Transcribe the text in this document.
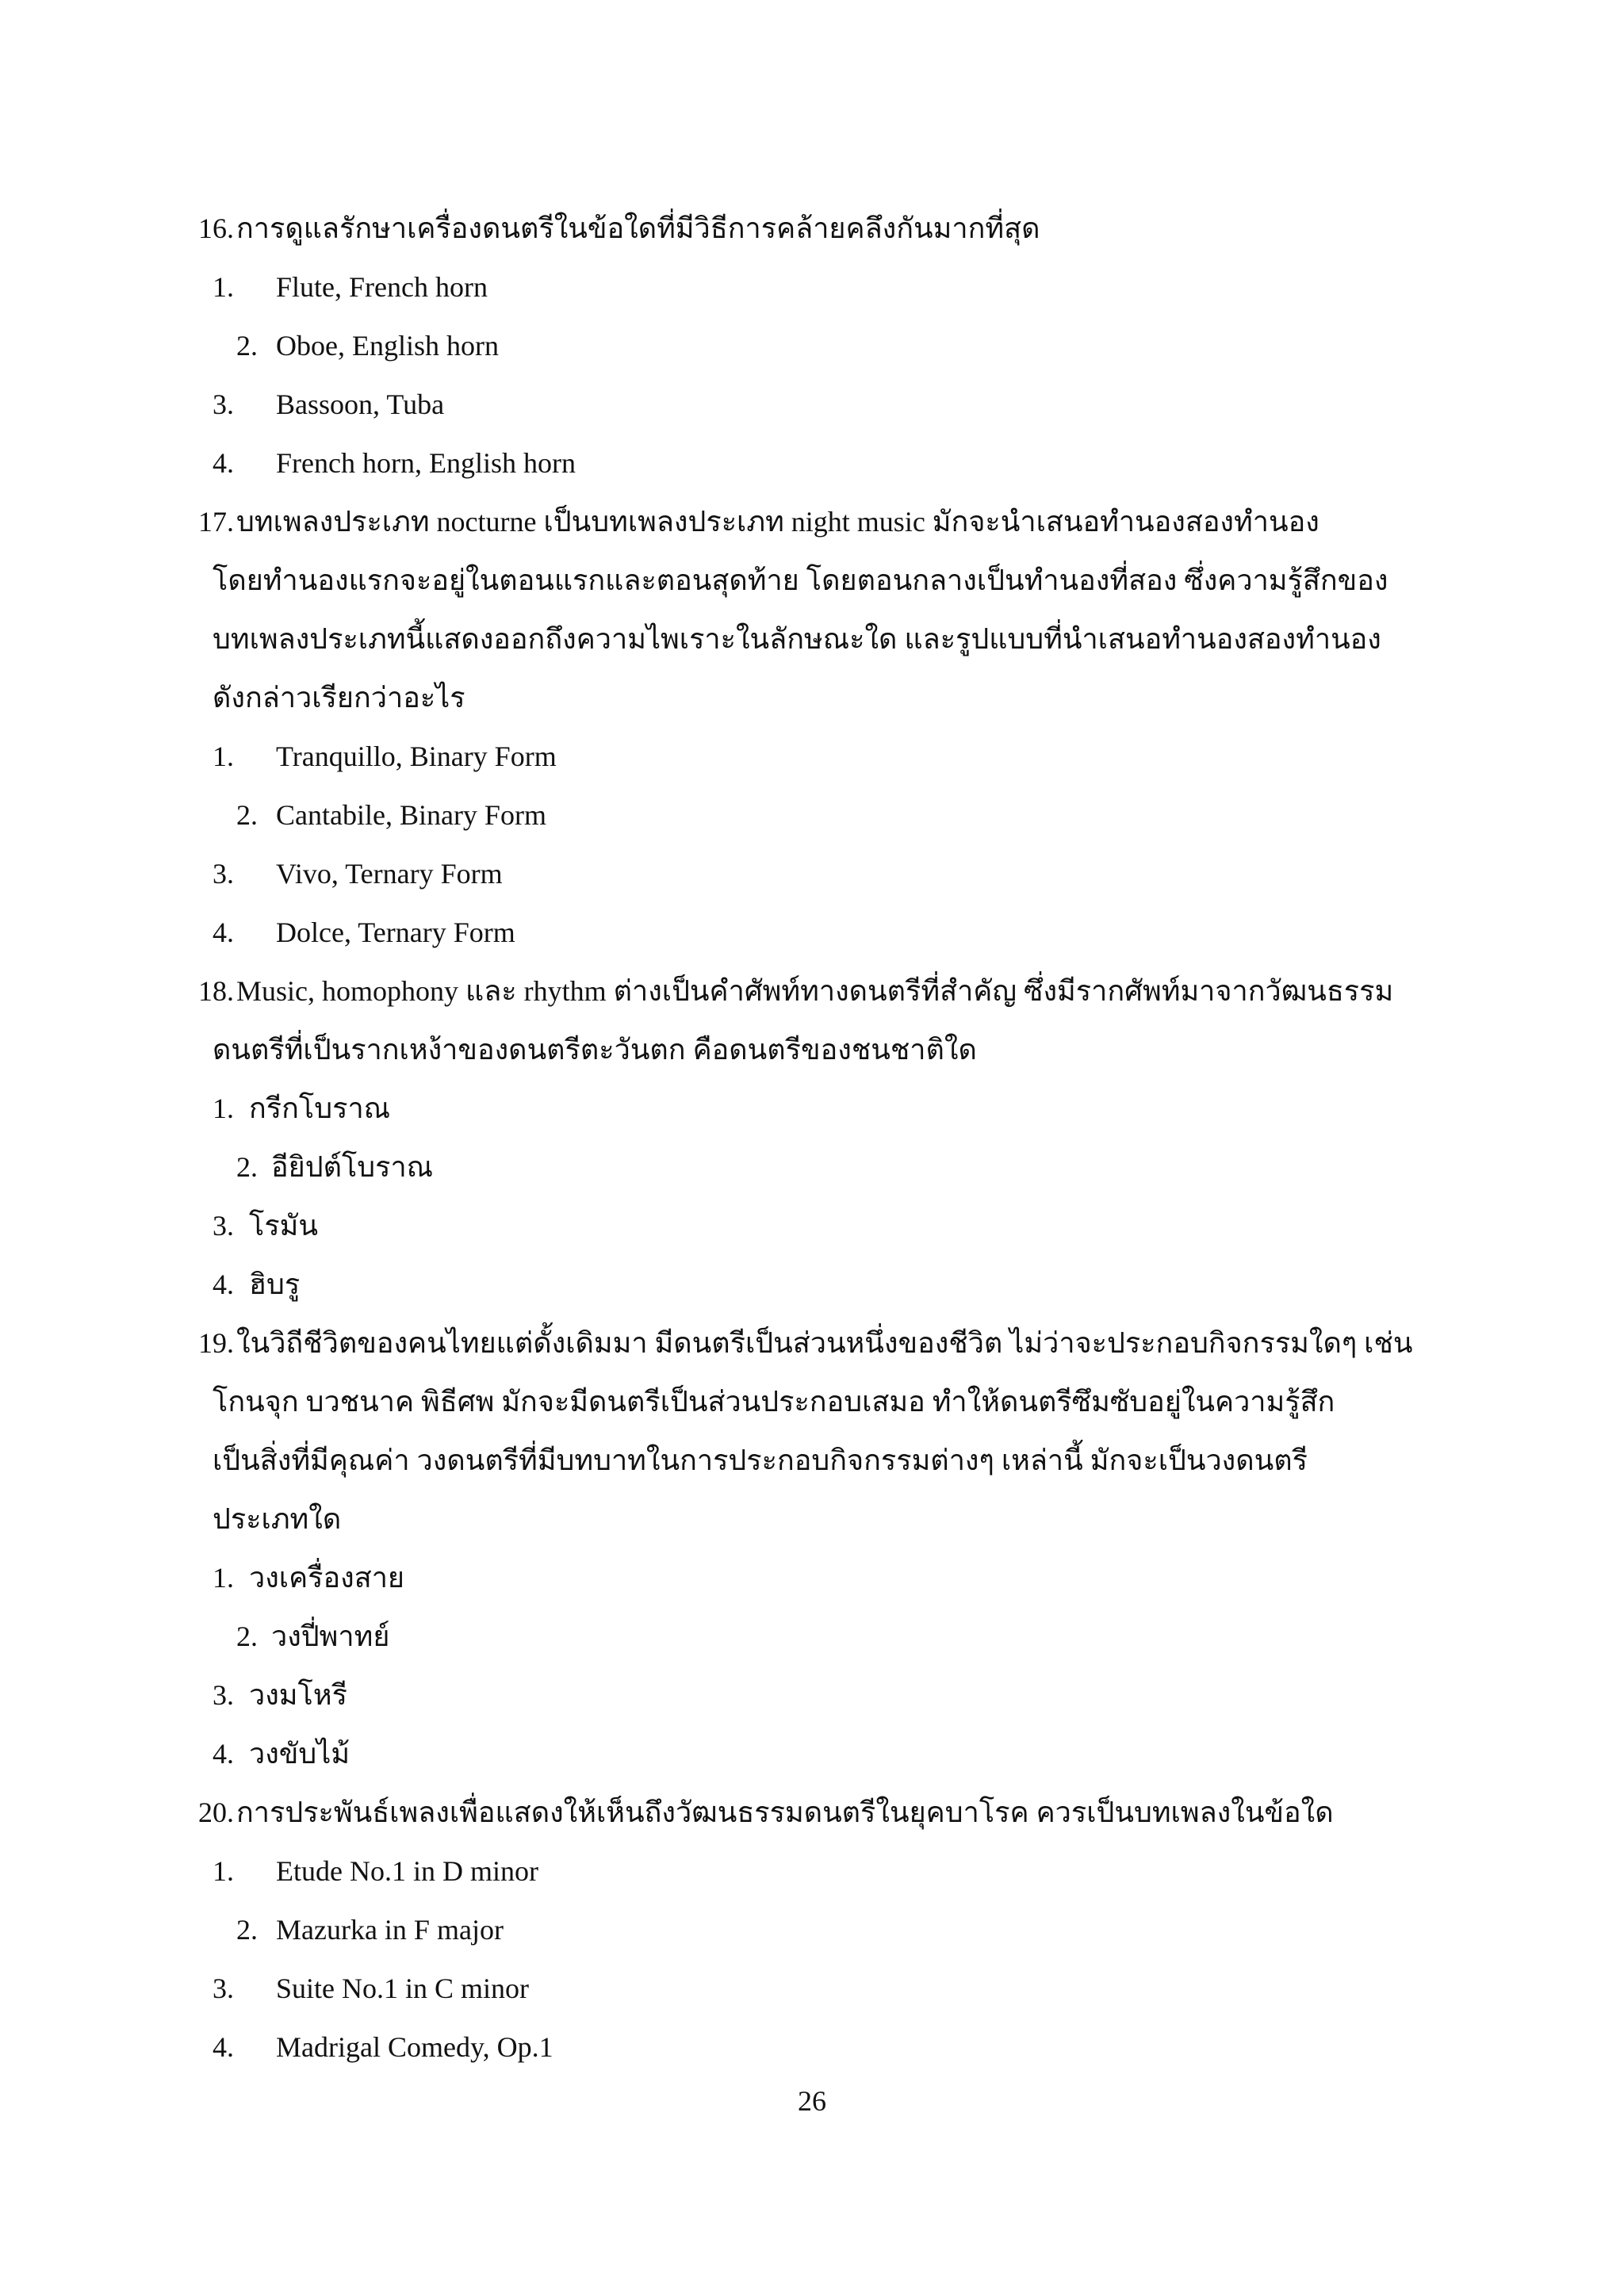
16. การดูแลรักษาเครื่องดนตรีในข้อใดที่มีวิธีการคล้ายคลึงกันมากที่สุด
1. Flute, French horn
2. Oboe, English horn
3. Bassoon, Tuba
4. French horn, English horn
17. บทเพลงประเภท nocturne เป็นบทเพลงประเภท night music มักจะนำเสนอทำนองสองทำนอง
โดยทำนองแรกจะอยู่ในตอนแรกและตอนสุดท้าย โดยตอนกลางเป็นทำนองที่สอง ซึ่งความรู้สึกของ
บทเพลงประเภทนี้แสดงออกถึงความไพเราะในลักษณะใด และรูปแบบที่นำเสนอทำนองสองทำนอง
ดังกล่าวเรียกว่าอะไร
1. Tranquillo, Binary Form
2. Cantabile, Binary Form
3. Vivo, Ternary Form
4. Dolce, Ternary Form
18. Music, homophony และ rhythm ต่างเป็นคำศัพท์ทางดนตรีที่สำคัญ ซึ่งมีรากศัพท์มาจากวัฒนธรรม
ดนตรีที่เป็นรากเหง้าของดนตรีตะวันตก คือดนตรีของชนชาติใด
1. กรีกโบราณ
2. อียิปต์โบราณ
3. โรมัน
4. ฮิบรู
19. ในวิถีชีวิตของคนไทยแต่ดั้งเดิมมา มีดนตรีเป็นส่วนหนึ่งของชีวิต ไม่ว่าจะประกอบกิจกรรมใดๆ เช่น
โกนจุก บวชนาค พิธีศพ มักจะมีดนตรีเป็นส่วนประกอบเสมอ ทำให้ดนตรีซึมซับอยู่ในความรู้สึก
เป็นสิ่งที่มีคุณค่า วงดนตรีที่มีบทบาทในการประกอบกิจกรรมต่างๆ เหล่านี้ มักจะเป็นวงดนตรี
ประเภทใด
1. วงเครื่องสาย
2. วงปี่พาทย์
3. วงมโหรี
4. วงขับไม้
20. การประพันธ์เพลงเพื่อแสดงให้เห็นถึงวัฒนธรรมดนตรีในยุคบาโรค ควรเป็นบทเพลงในข้อใด
1. Etude No.1 in D minor
2. Mazurka in F major
3. Suite No.1 in C minor
4. Madrigal Comedy, Op.1
26
